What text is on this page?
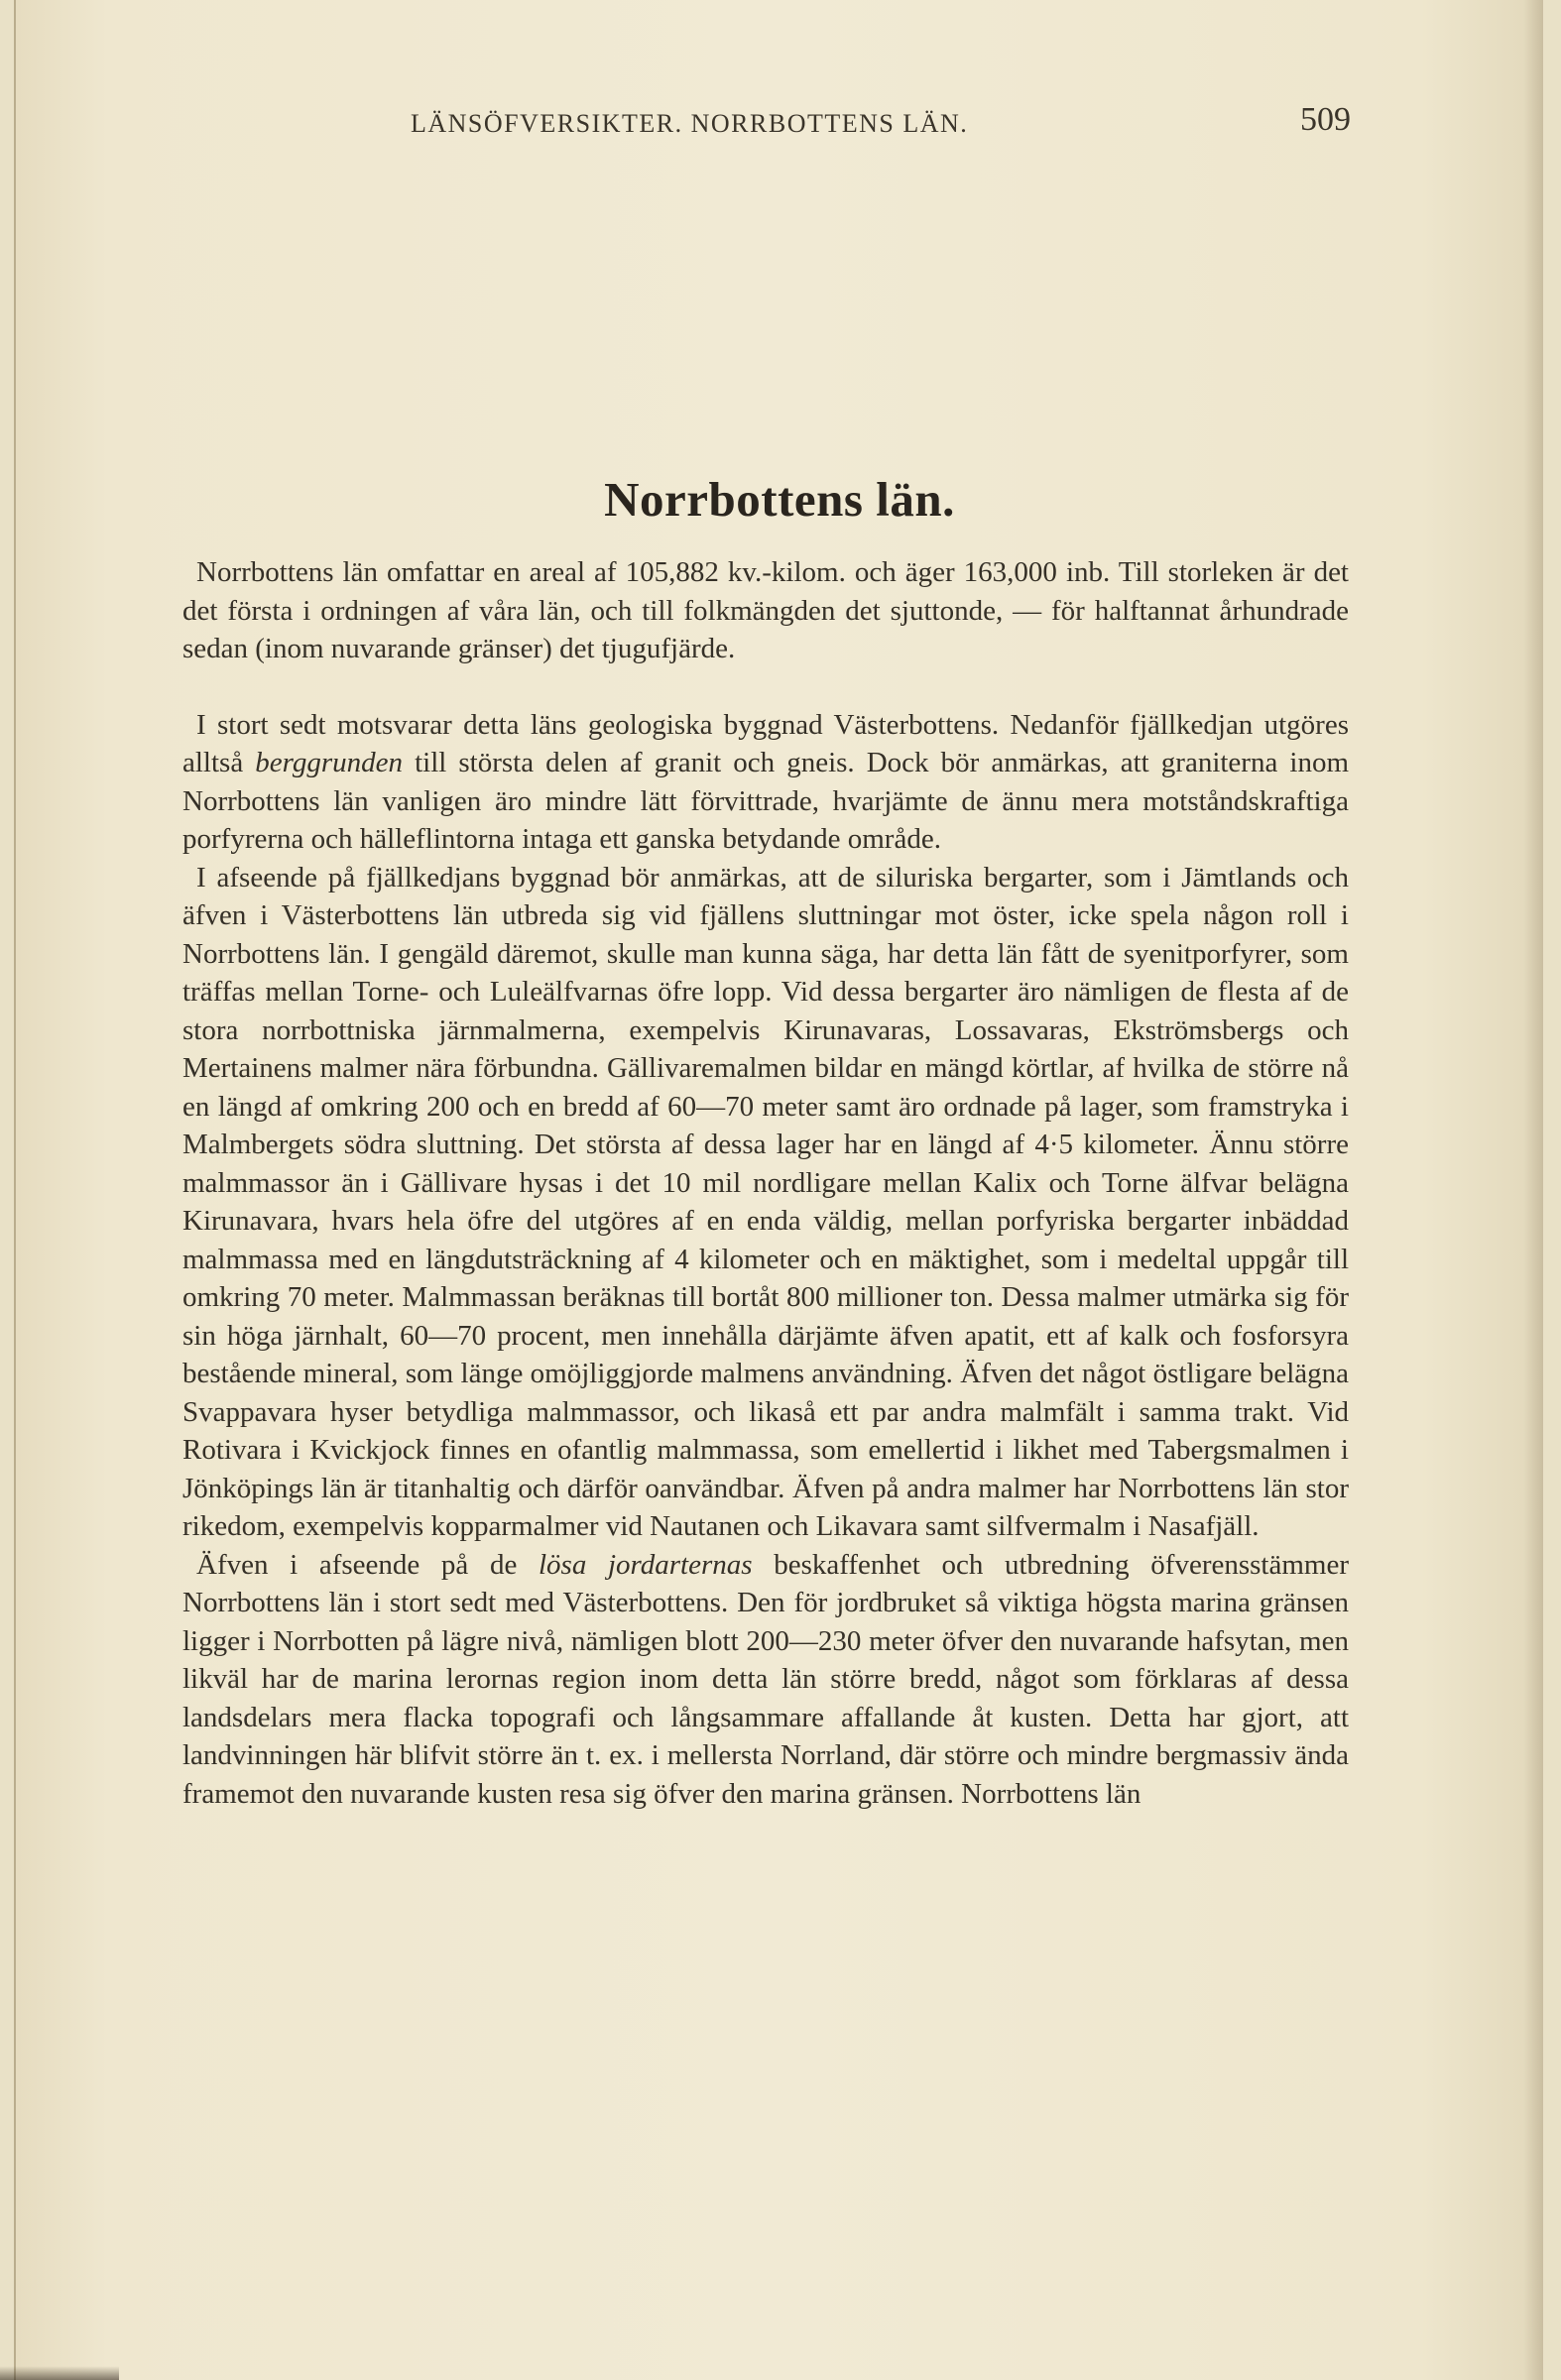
LÄNSÖFVERSIKTER. NORRBOTTENS LÄN.	509
Norrbottens län.

Norrbottens län omfattar en areal af 105,882 kv.-kilom. och äger 163,000 inb. Till storleken är det det första i ordningen af våra län, och till folkmängden det sjuttonde, — för halftannat århundrade sedan (inom nuvarande gränser) det tjugufjärde.

I stort sedt motsvarar detta läns geologiska byggnad Västerbottens. Nedanför fjällkedjan utgöres alltså berggrunden till största delen af granit och gneis. Dock bör anmärkas, att graniterna inom Norrbottens län vanligen äro mindre lätt förvittrade, hvarjämte de ännu mera motståndskraftiga porfyrerna och hälleflintorna intaga ett ganska betydande område.

I afseende på fjällkedjans byggnad bör anmärkas, att de siluriska bergarter, som i Jämtlands och äfven i Västerbottens län utbreda sig vid fjällens sluttningar mot öster, icke spela någon roll i Norrbottens län. I gengäld däremot, skulle man kunna säga, har detta län fått de syenitporfyrer, som träffas mellan Torne- och Luleälfvarnas öfre lopp. Vid dessa bergarter äro nämligen de flesta af de stora norrbottniska järnmalmerna, exempelvis Kirunavaras, Lossavaras, Ekströmsbergs och Mertainens malmer nära förbundna. Gällivaremalmen bildar en mängd körtlar, af hvilka de större nå en längd af omkring 200 och en bredd af 60—70 meter samt äro ordnade på lager, som framstryka i Malmbergets södra sluttning. Det största af dessa lager har en längd af 4·5 kilometer. Ännu större malmmassor än i Gällivare hysas i det 10 mil nordligare mellan Kalix och Torne älfvar belägna Kirunavara, hvars hela öfre del utgöres af en enda väldig, mellan porfyriska bergarter inbäddad malmmassa med en längdutsträckning af 4 kilometer och en mäktighet, som i medeltal uppgår till omkring 70 meter. Malmmassan beräknas till bortåt 800 millioner ton. Dessa malmer utmärka sig för sin höga järnhalt, 60—70 procent, men innehålla därjämte äfven apatit, ett af kalk och fosforsyra bestående mineral, som länge omöjliggjorde malmens användning. Äfven det något östligare belägna Svappavara hyser betydliga malmmassor, och likaså ett par andra malmfält i samma trakt. Vid Rotivara i Kvickjock finnes en ofantlig malmmassa, som emellertid i likhet med Tabergsmalmen i Jönköpings län är titanhaltig och därför oanvändbar. Äfven på andra malmer har Norrbottens län stor rikedom, exempelvis kopparmalmer vid Nautanen och Likavara samt silfvermalm i Nasafjäll.

Äfven i afseende på de lösa jordarternas beskaffenhet och utbredning öfverensstämmer Norrbottens län i stort sedt med Västerbottens. Den för jordbruket så viktiga högsta marina gränsen ligger i Norrbotten på lägre nivå, nämligen blott 200—230 meter öfver den nuvarande hafsytan, men likväl har de marina lerornas region inom detta län större bredd, något som förklaras af dessa landsdelars mera flacka topografi och långsammare affallande åt kusten. Detta har gjort, att landvinningen här blifvit större än t. ex. i mellersta Norrland, där större och mindre bergmassiv ända framemot den nuvarande kusten resa sig öfver den marina gränsen. Norrbottens län
